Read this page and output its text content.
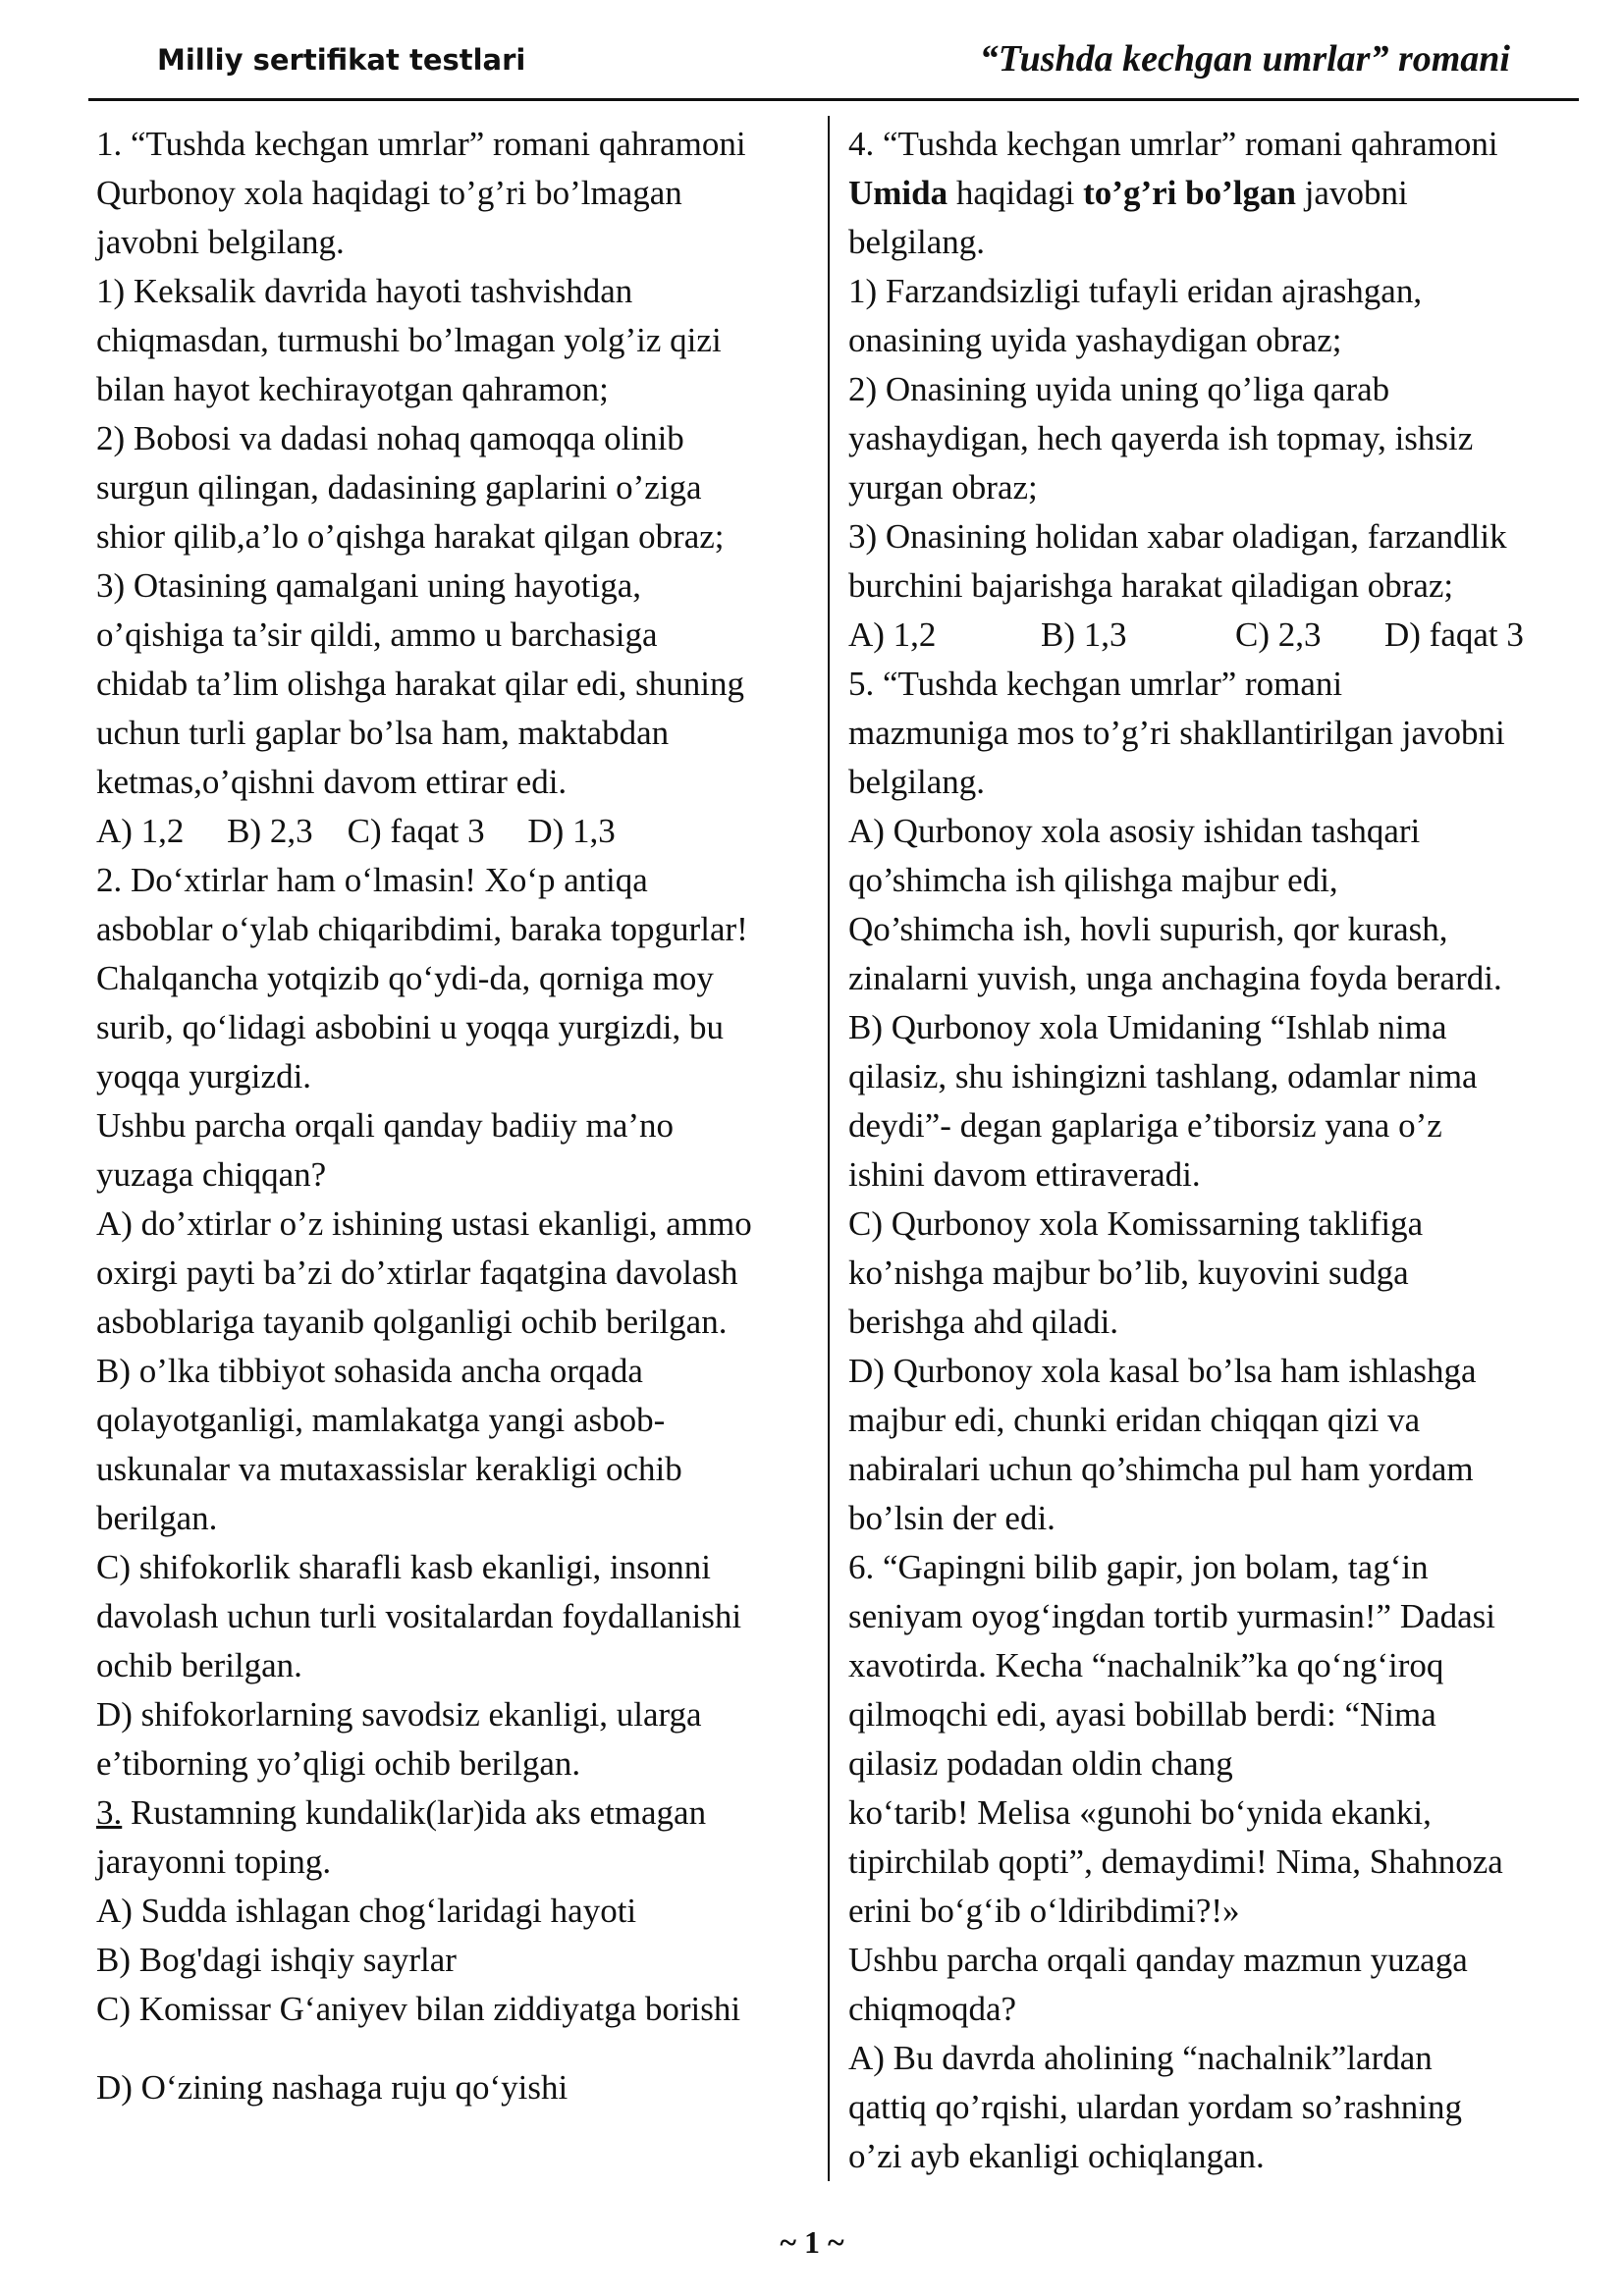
Milliy sertifikat testlari	“Tushda kechgan umrlar” romani
1. “Tushda kechgan umrlar” romani qahramoni
Qurbonoy xola haqidagi to’g’ri bo’lmagan
javobni belgilang.
1) Keksalik davrida hayoti tashvishdan
chiqmasdan, turmushi bo’lmagan yolg’iz qizi
bilan hayot kechirayotgan qahramon;
2) Bobosi va dadasi nohaq qamoqqa olinib
surgun qilingan, dadasining gaplarini o’ziga
shior qilib,a’lo o’qishga harakat qilgan obraz;
3) Otasining qamalgani uning hayotiga,
o’qishiga ta’sir qildi, ammo u barchasiga
chidab ta’lim olishga harakat qilar edi, shuning
uchun turli gaplar bo’lsa ham, maktabdan
ketmas,o’qishni davom ettirar edi.
A) 1,2     B) 2,3    C) faqat 3     D) 1,3
2. Do‘xtirlar ham o‘lmasin! Xo‘p antiqa
asboblar o‘ylab chiqaribdimi, baraka topgurlar!
Chalqancha yotqizib qo‘ydi-da, qorniga moy
surib, qo‘lidagi asbobini u yoqqa yurgizdi, bu
yoqqa yurgizdi.
Ushbu parcha orqali qanday badiiy ma’no
yuzaga chiqqan?
A) do’xtirlar o’z ishining ustasi ekanligi, ammo
oxirgi payti ba’zi do’xtirlar faqatgina davolash
asboblariga tayanib qolganligi ochib berilgan.
B) o’lka tibbiyot sohasida ancha orqada
qolayotganligi, mamlakatga yangi asbob-
uskunalar va mutaxassislar kerakligi ochib
berilgan.
C) shifokorlik sharafli kasb ekanligi, insonni
davolash uchun turli vositalardan foydallanishi
ochib berilgan.
D) shifokorlarning savodsiz ekanligi, ularga
e’tiborning yo’qligi ochib berilgan.
3. Rustamning kundalik(lar)ida aks etmagan
jarayonni toping.
A) Sudda ishlagan chog‘laridagi hayoti
B) Bog'dagi ishqiy sayrlar
C) Komissar G‘aniyev bilan ziddiyatga borishi
D) O‘zining nashaga ruju qo‘yishi
4. “Tushda kechgan umrlar” romani qahramoni
Umida haqidagi to’g’ri bo’lgan javobni
belgilang.
1) Farzandsizligi tufayli eridan ajrashgan,
onasining uyida yashaydigan obraz;
2) Onasining uyida uning qo’liga qarab
yashaydigan, hech qayerda ish topmay, ishsiz
yurgan obraz;
3) Onasining holidan xabar oladigan, farzandlik
burchini bajarishga harakat qiladigan obraz;
A) 1,2	B) 1,3	C) 2,3	D) faqat 3
5. “Tushda kechgan umrlar” romani
mazmuniga mos to’g’ri shakllantirilgan javobni
belgilang.
A) Qurbonoy xola asosiy ishidan tashqari
qo’shimcha ish qilishga majbur edi,
Qo’shimcha ish, hovli supurish, qor kurash,
zinalarni yuvish, unga anchagina foyda berardi.
B) Qurbonoy xola Umidaning “Ishlab nima
qilasiz, shu ishingizni tashlang, odamlar nima
deydi”- degan gaplariga e’tiborsiz yana o’z
ishini davom ettiraveradi.
C) Qurbonoy xola Komissarning taklifiga
ko’nishga majbur bo’lib, kuyovini sudga
berishga ahd qiladi.
D) Qurbonoy xola kasal bo’lsa ham ishlashga
majbur edi, chunki eridan chiqqan qizi va
nabiralari uchun qo’shimcha pul ham yordam
bo’lsin der edi.
6. “Gapingni bilib gapir, jon bolam, tag‘in
seniyam oyog‘ingdan tortib yurmasin!” Dadasi
xavotirda. Kecha “nachalnik”ka qo‘ng‘iroq
qilmoqchi edi, ayasi bobillab berdi: “Nima
qilasiz podadan oldin chang
ko‘tarib! Melisa «gunohi bo‘ynida ekanki,
tipirchilab qopti”, demaydimi! Nima, Shahnoza
erini bo‘g‘ib o‘ldiribdimi?!»
Ushbu parcha orqali qanday mazmun yuzaga
chiqmoqda?
A) Bu davrda aholining “nachalnik”lardan
qattiq qo’rqishi, ulardan yordam so’rashning
o’zi ayb ekanligi ochiqlangan.
~ 1 ~
